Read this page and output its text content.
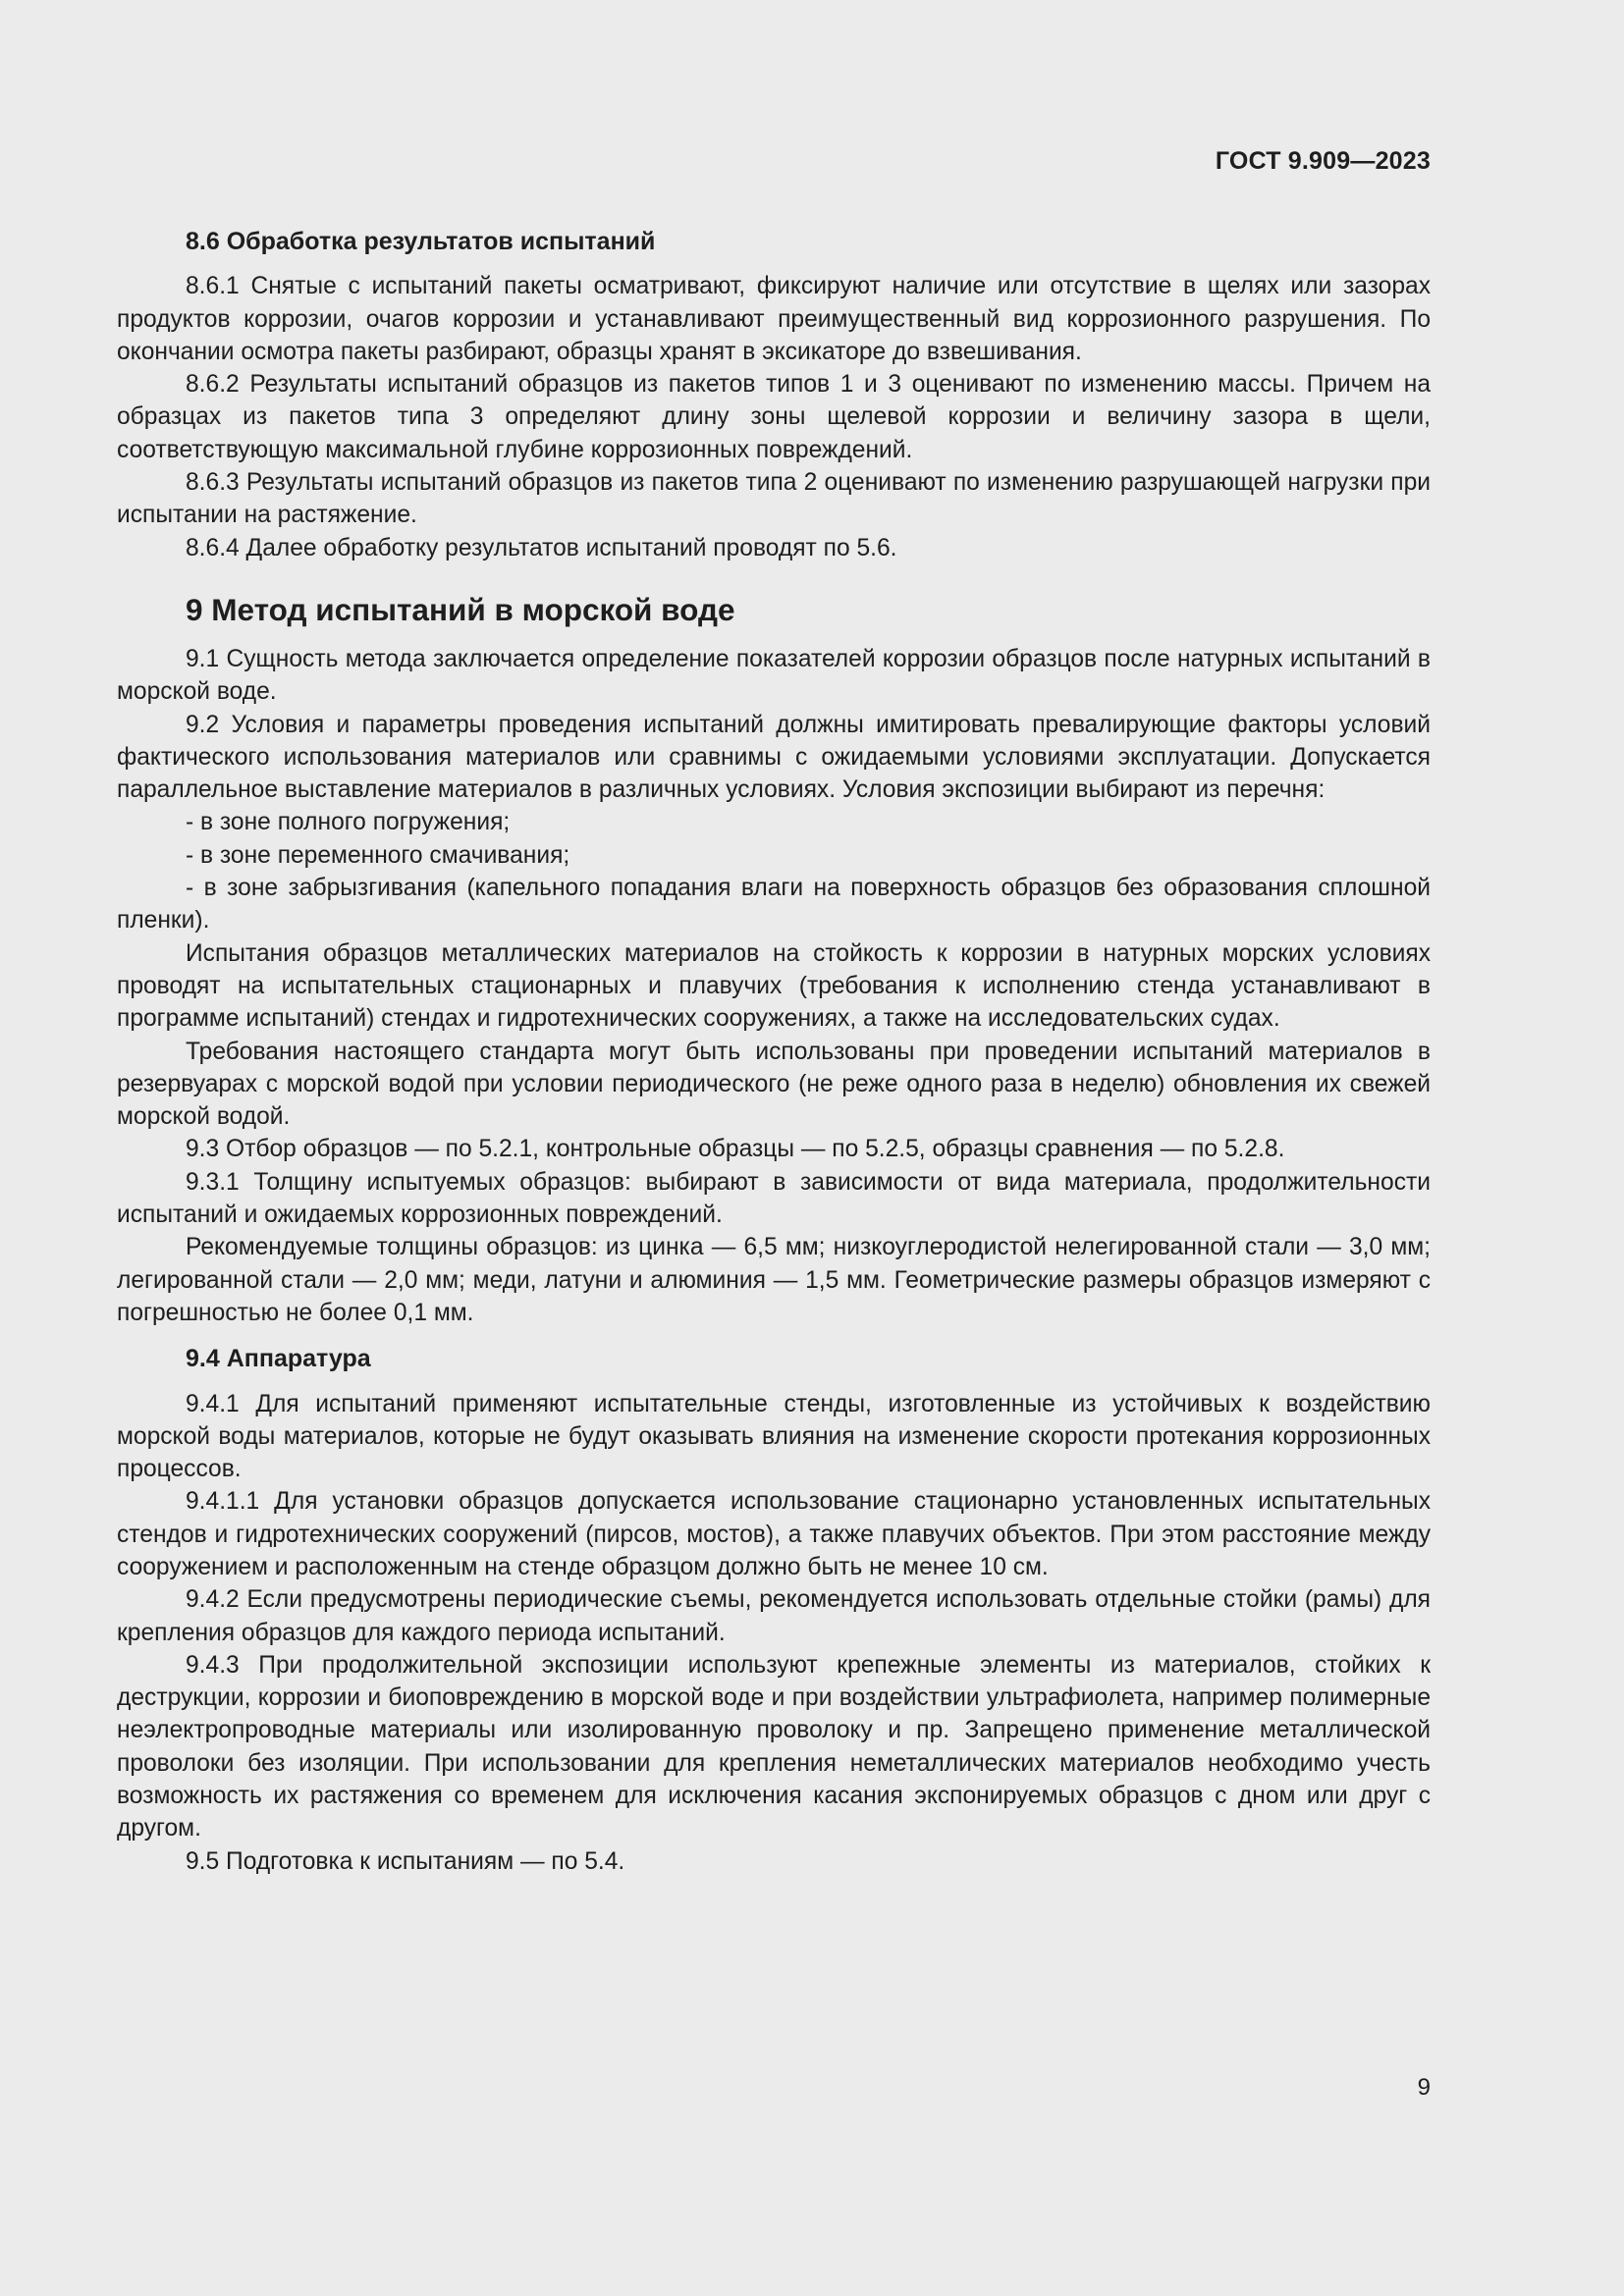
ГОСТ 9.909—2023

8.6 Обработка результатов испытаний

8.6.1 Снятые с испытаний пакеты осматривают, фиксируют наличие или отсутствие в щелях или зазорах продуктов коррозии, очагов коррозии и устанавливают преимущественный вид коррозионного разрушения. По окончании осмотра пакеты разбирают, образцы хранят в эксикаторе до взвешивания.

8.6.2 Результаты испытаний образцов из пакетов типов 1 и 3 оценивают по изменению массы. Причем на образцах из пакетов типа 3 определяют длину зоны щелевой коррозии и величину зазора в щели, соответствующую максимальной глубине коррозионных повреждений.

8.6.3 Результаты испытаний образцов из пакетов типа 2 оценивают по изменению разрушающей нагрузки при испытании на растяжение.

8.6.4 Далее обработку результатов испытаний проводят по 5.6.

9 Метод испытаний в морской воде

9.1 Сущность метода заключается определение показателей коррозии образцов после натурных испытаний в морской воде.

9.2 Условия и параметры проведения испытаний должны имитировать превалирующие факторы условий фактического использования материалов или сравнимы с ожидаемыми условиями эксплуатации. Допускается параллельное выставление материалов в различных условиях. Условия экспозиции выбирают из перечня:

- в зоне полного погружения;

- в зоне переменного смачивания;

- в зоне забрызгивания (капельного попадания влаги на поверхность образцов без образования сплошной пленки).

Испытания образцов металлических материалов на стойкость к коррозии в натурных морских условиях проводят на испытательных стационарных и плавучих (требования к исполнению стенда устанавливают в программе испытаний) стендах и гидротехнических сооружениях, а также на исследовательских судах.

Требования настоящего стандарта могут быть использованы при проведении испытаний материалов в резервуарах с морской водой при условии периодического (не реже одного раза в неделю) обновления их свежей морской водой.

9.3 Отбор образцов — по 5.2.1, контрольные образцы — по 5.2.5, образцы сравнения — по 5.2.8.

9.3.1 Толщину испытуемых образцов: выбирают в зависимости от вида материала, продолжительности испытаний и ожидаемых коррозионных повреждений.

Рекомендуемые толщины образцов: из цинка — 6,5 мм; низкоуглеродистой нелегированной стали — 3,0 мм; легированной стали — 2,0 мм; меди, латуни и алюминия — 1,5 мм. Геометрические размеры образцов измеряют с погрешностью не более 0,1 мм.

9.4 Аппаратура

9.4.1 Для испытаний применяют испытательные стенды, изготовленные из устойчивых к воздействию морской воды материалов, которые не будут оказывать влияния на изменение скорости протекания коррозионных процессов.

9.4.1.1 Для установки образцов допускается использование стационарно установленных испытательных стендов и гидротехнических сооружений (пирсов, мостов), а также плавучих объектов. При этом расстояние между сооружением и расположенным на стенде образцом должно быть не менее 10 см.

9.4.2 Если предусмотрены периодические съемы, рекомендуется использовать отдельные стойки (рамы) для крепления образцов для каждого периода испытаний.

9.4.3 При продолжительной экспозиции используют крепежные элементы из материалов, стойких к деструкции, коррозии и биоповреждению в морской воде и при воздействии ультрафиолета, например полимерные неэлектропроводные материалы или изолированную проволоку и пр. Запрещено применение металлической проволоки без изоляции. При использовании для крепления неметаллических материалов необходимо учесть возможность их растяжения со временем для исключения касания экспонируемых образцов с дном или друг с другом.

9.5 Подготовка к испытаниям — по 5.4.

9
